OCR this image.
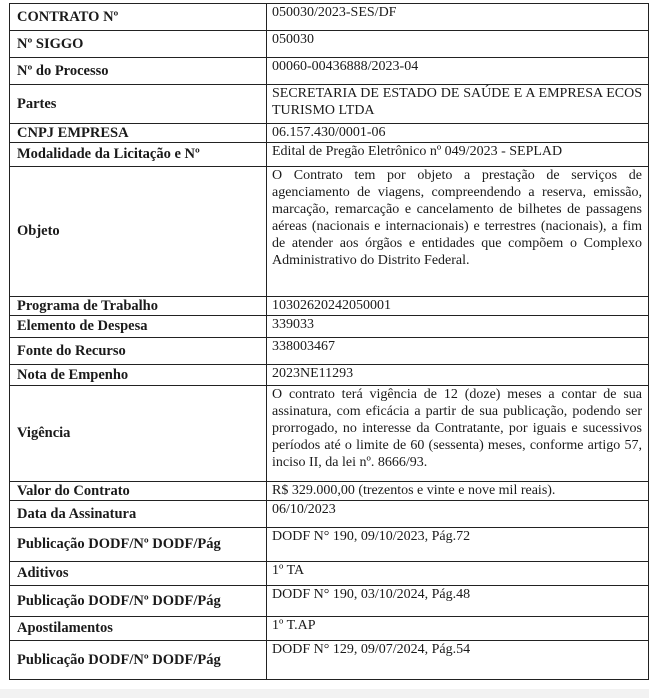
CONTRATO Nº	050030/2023-SES/DF
Nº SIGGO	050030
Nº do Processo	00060-00436888/2023-04
Partes	SECRETARIA DE ESTADO DE SAÚDE E A EMPRESA ECOS TURISMO LTDA
CNPJ EMPRESA	06.157.430/0001-06
Modalidade da Licitação e Nº	Edital de Pregão Eletrônico nº 049/2023 - SEPLAD
Objeto	O Contrato tem por objeto a prestação de serviços de agenciamento de viagens, compreendendo a reserva, emissão, marcação, remarcação e cancelamento de bilhetes de passagens aéreas (nacionais e internacionais) e terrestres (nacionais), a fim de atender aos órgãos e entidades que compõem o Complexo Administrativo do Distrito Federal.
Programa de Trabalho	10302620242050001
Elemento de Despesa	339033
Fonte do Recurso	338003467
Nota de Empenho	2023NE11293
Vigência	O contrato terá vigência de 12 (doze) meses a contar de sua assinatura, com eficácia a partir de sua publicação, podendo ser prorrogado, no interesse da Contratante, por iguais e sucessivos períodos até o limite de 60 (sessenta) meses, conforme artigo 57, inciso II, da lei nº. 8666/93.
Valor do Contrato	R$ 329.000,00 (trezentos e vinte e nove mil reais).
Data da Assinatura	06/10/2023
Publicação DODF/Nº DODF/Pág	DODF N° 190, 09/10/2023, Pág.72
Aditivos	1º TA
Publicação DODF/Nº DODF/Pág	DODF N° 190, 03/10/2024, Pág.48
Apostilamentos	1º T.AP
Publicação DODF/Nº DODF/Pág	DODF N° 129, 09/07/2024, Pág.54
